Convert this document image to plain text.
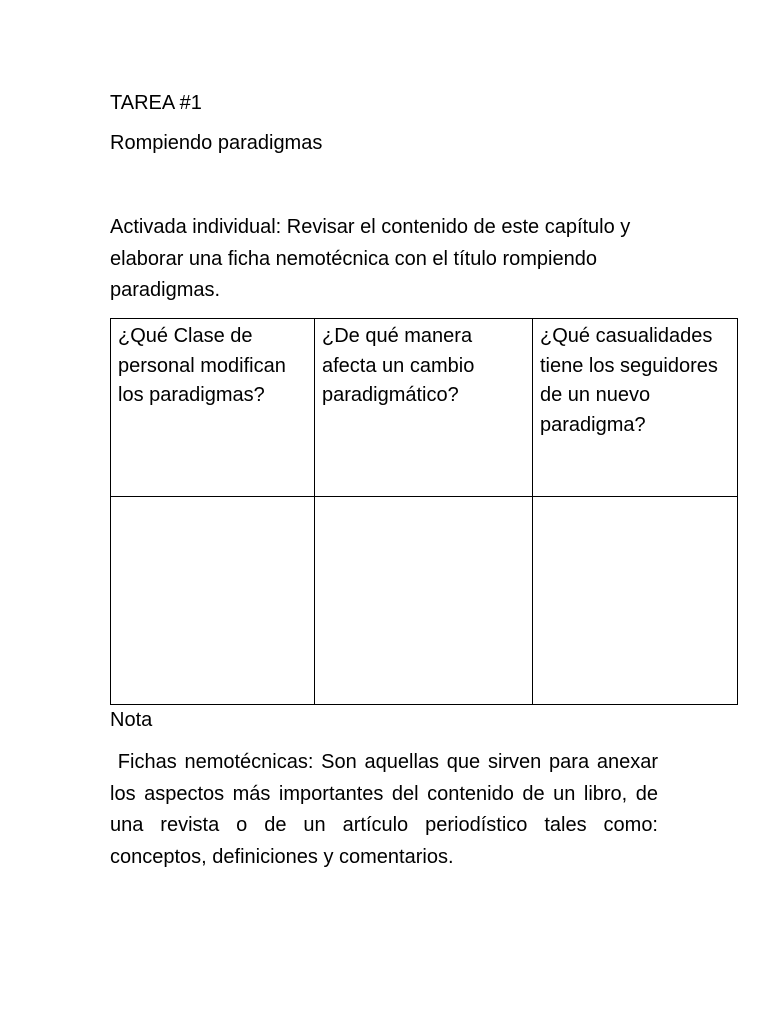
TAREA #1
Rompiendo paradigmas
Activada individual: Revisar el contenido de este capítulo y elaborar una ficha nemotécnica con el título rompiendo paradigmas.
¿Qué Clase de personal modifican los paradigmas?	¿De qué manera afecta un cambio paradigmático?	¿Qué casualidades tiene los seguidores de un nuevo paradigma?

Nota
Fichas nemotécnicas: Son aquellas que sirven para anexar los aspectos más importantes del contenido de un libro, de una revista o de un artículo periodístico tales como: conceptos, definiciones y comentarios.
